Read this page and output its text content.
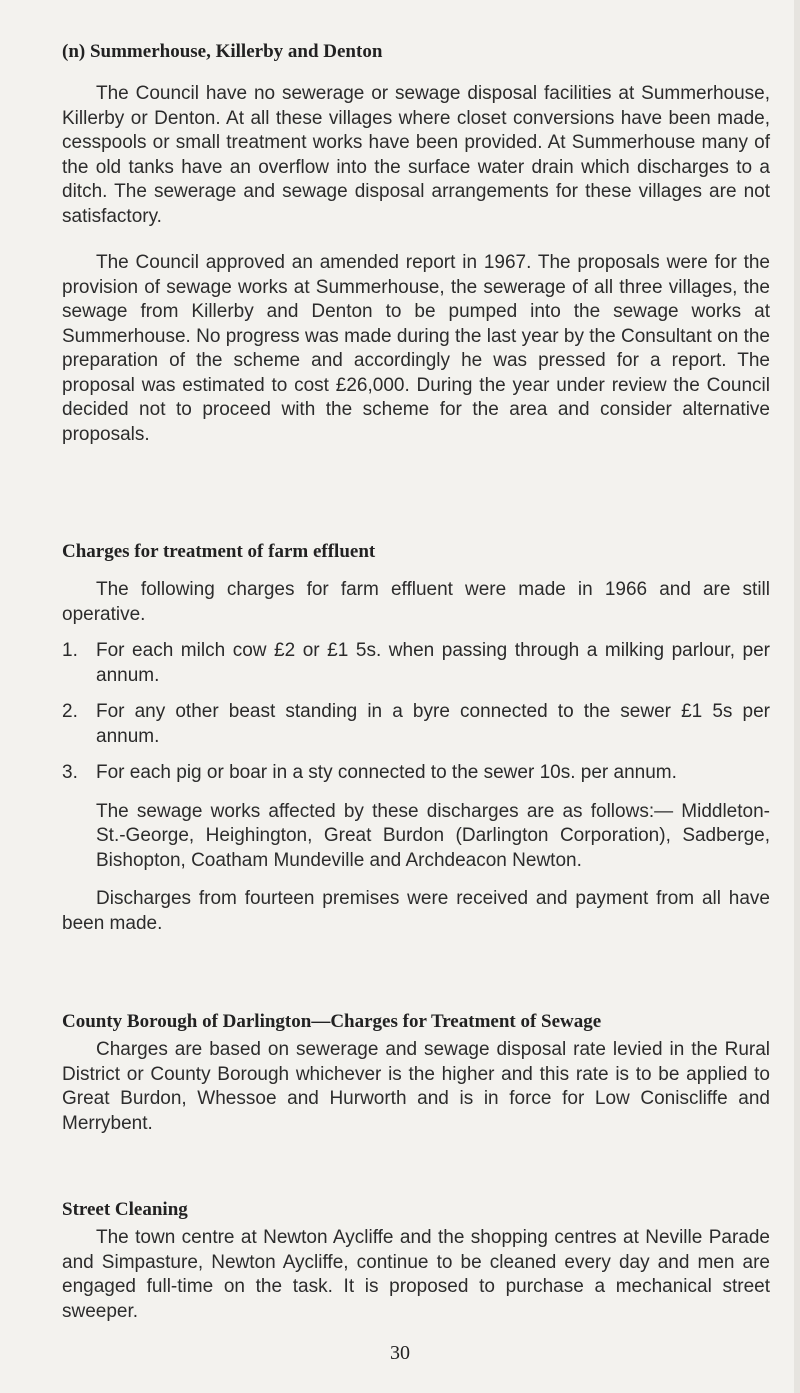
(n) Summerhouse, Killerby and Denton

The Council have no sewerage or sewage disposal facilities at Summerhouse, Killerby or Denton. At all these villages where closet conversions have been made, cesspools or small treatment works have been provided. At Summerhouse many of the old tanks have an overflow into the surface water drain which discharges to a ditch. The sewerage and sewage disposal arrangements for these villages are not satisfactory.

The Council approved an amended report in 1967. The proposals were for the provision of sewage works at Summerhouse, the sewerage of all three villages, the sewage from Killerby and Denton to be pumped into the sewage works at Summerhouse. No progress was made during the last year by the Consultant on the preparation of the scheme and accordingly he was pressed for a report. The proposal was estimated to cost £26,000. During the year under review the Council decided not to proceed with the scheme for the area and consider alternative proposals.

Charges for treatment of farm effluent

The following charges for farm effluent were made in 1966 and are still operative.

1. For each milch cow £2 or £1 5s. when passing through a milking parlour, per annum.
2. For any other beast standing in a byre connected to the sewer £1 5s per annum.
3. For each pig or boar in a sty connected to the sewer 10s. per annum.

The sewage works affected by these discharges are as follows:— Middleton-St.-George, Heighington, Great Burdon (Darlington Corporation), Sadberge, Bishopton, Coatham Mundeville and Archdeacon Newton.

Discharges from fourteen premises were received and payment from all have been made.

County Borough of Darlington—Charges for Treatment of Sewage

Charges are based on sewerage and sewage disposal rate levied in the Rural District or County Borough whichever is the higher and this rate is to be applied to Great Burdon, Whessoe and Hurworth and is in force for Low Coniscliffe and Merrybent.

Street Cleaning

The town centre at Newton Aycliffe and the shopping centres at Neville Parade and Simpasture, Newton Aycliffe, continue to be cleaned every day and men are engaged full-time on the task. It is proposed to purchase a mechanical street sweeper.

30
